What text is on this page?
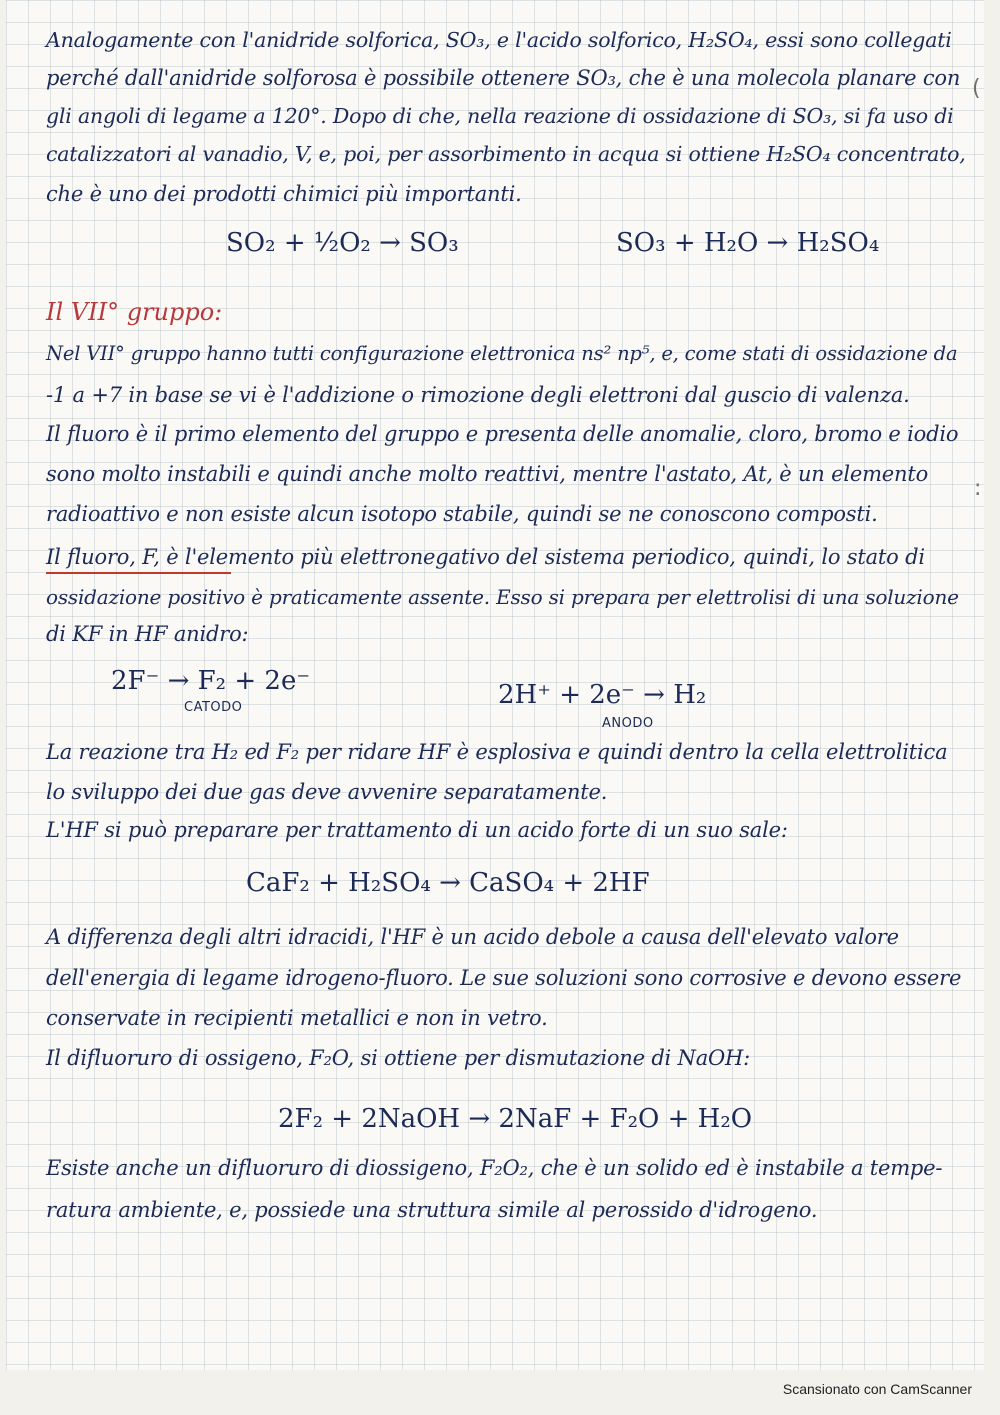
Analogamente con l'anidride solforica, SO₃, e l'acido solforico, H₂SO₄, essi sono collegati
perché dall'anidride solforosa è possibile ottenere SO₃, che è una molecola planare con
gli angoli di legame a 120°. Dopo di che, nella reazione di ossidazione di SO₃, si fa uso di
catalizzatori al vanadio, V, e, poi, per assorbimento in acqua si ottiene H₂SO₄ concentrato,
che è uno dei prodotti chimici più importanti.
SO₂ + ½O₂ → SO₃	SO₃ + H₂O → H₂SO₄
Il VII° gruppo:
Nel VII° gruppo hanno tutti configurazione elettronica ns² np⁵, e, come stati di ossidazione da
-1 a +7 in base se vi è l'addizione o rimozione degli elettroni dal guscio di valenza.
Il fluoro è il primo elemento del gruppo e presenta delle anomalie, cloro, bromo e iodio
sono molto instabili e quindi anche molto reattivi, mentre l'astato, At, è un elemento
radioattivo e non esiste alcun isotopo stabile, quindi se ne conoscono composti.
Il fluoro, F, è l'elemento più elettronegativo del sistema periodico, quindi, lo stato di
ossidazione positivo è praticamente assente. Esso si prepara per elettrolisi di una soluzione
di KF in HF anidro:
2F⁻ → F₂ + 2e⁻
CATODO	2H⁺ + 2e⁻ → H₂
ANODO
La reazione tra H₂ ed F₂ per ridare HF è esplosiva e quindi dentro la cella elettrolitica
lo sviluppo dei due gas deve avvenire separatamente.
L'HF si può preparare per trattamento di un acido forte di un suo sale:
CaF₂ + H₂SO₄ → CaSO₄ + 2HF
A differenza degli altri idracidi, l'HF è un acido debole a causa dell'elevato valore
dell'energia di legame idrogeno-fluoro. Le sue soluzioni sono corrosive e devono essere
conservate in recipienti metallici e non in vetro.
Il difluoruro di ossigeno, F₂O, si ottiene per dismutazione di NaOH:
2F₂ + 2NaOH → 2NaF + F₂O + H₂O
Esiste anche un difluoruro di diossigeno, F₂O₂, che è un solido ed è instabile a tempe-
ratura ambiente, e, possiede una struttura simile al perossido d'idrogeno.
(
:
Scansionato con CamScanner
